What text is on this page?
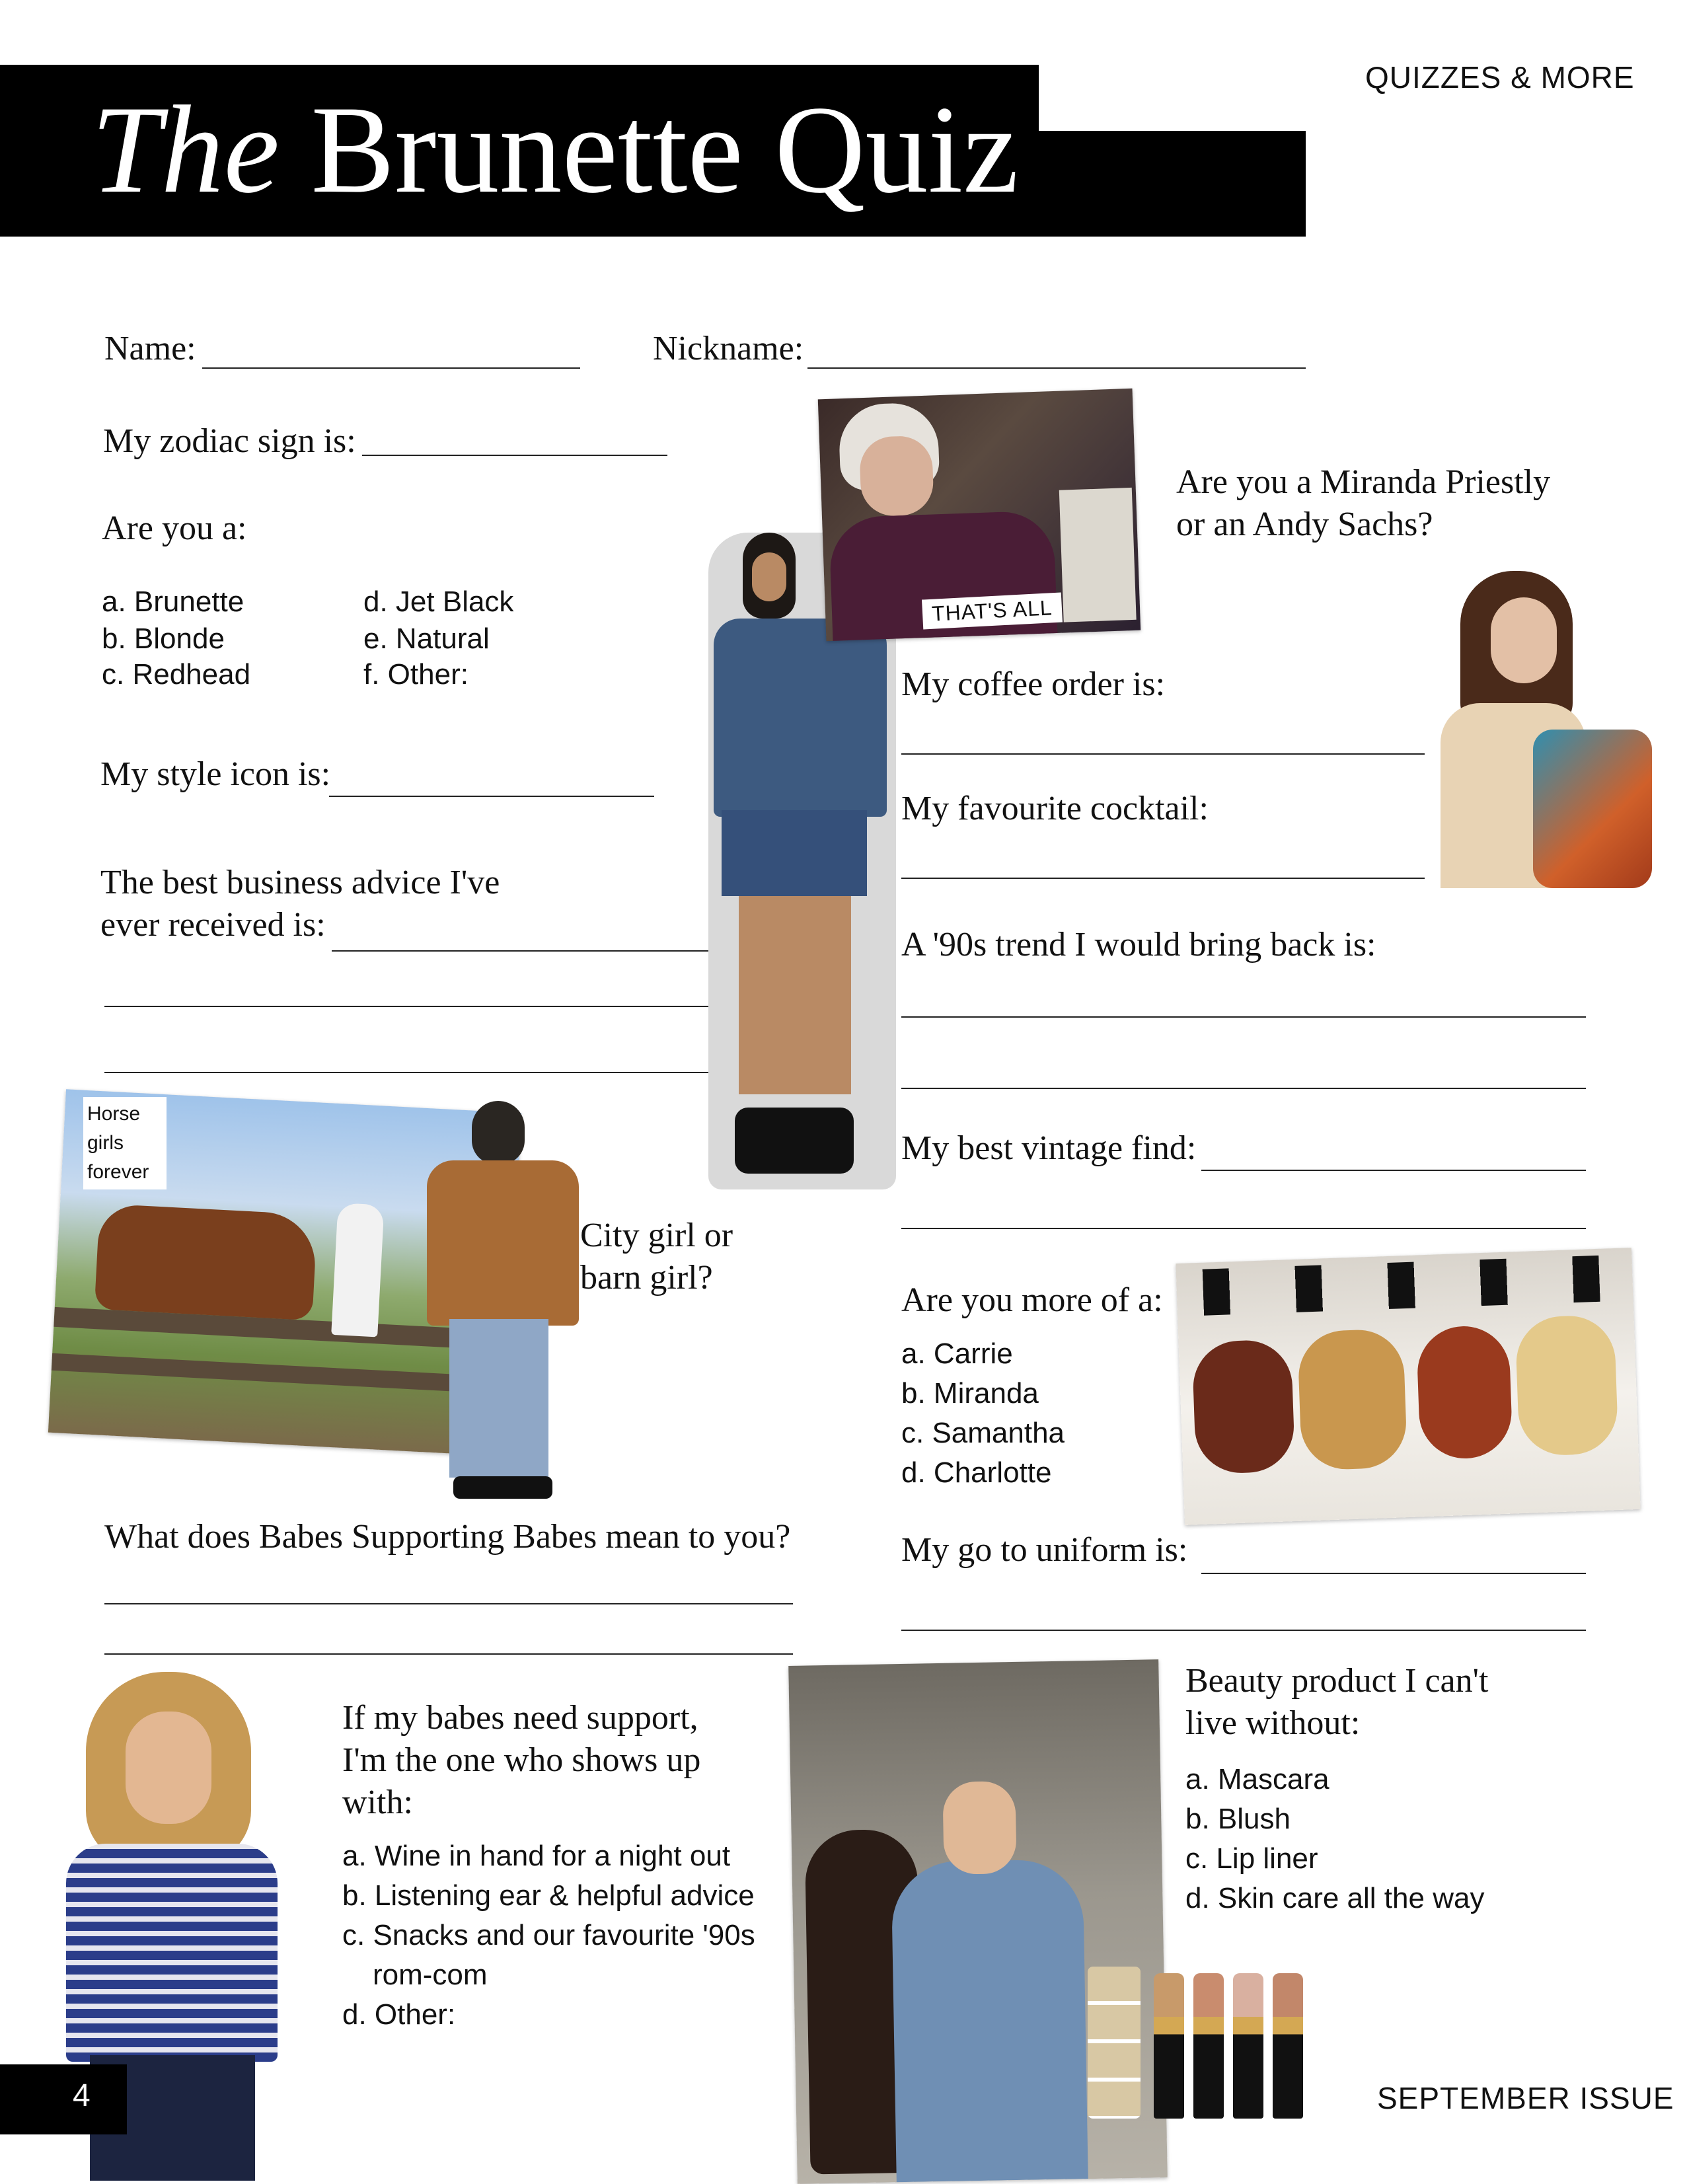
The Brunette Quiz
QUIZZES & MORE
Name:	Nickname:
My zodiac sign is:
Are you a:
a. Brunette
b. Blonde
c. Redhead
d. Jet Black
e. Natural
f. Other:
My style icon is:
The best business advice I've
ever received is:
Horse
girls
forever
City girl or
barn girl?
What does Babes Supporting Babes mean to you?
If my babes need support,
I'm the one who shows up
with:
a. Wine in hand for a night out
b. Listening ear & helpful advice
c. Snacks and our favourite '90s
rom-com
d. Other:
THAT'S ALL
Are you a Miranda Priestly
or an Andy Sachs?
My coffee order is:
My favourite cocktail:
A '90s trend I would bring back is:
My best vintage find:
Are you more of a:
a. Carrie
b. Miranda
c. Samantha
d. Charlotte
My go to uniform is:
Beauty product I can't
live without:
a. Mascara
b. Blush
c. Lip liner
d. Skin care all the way
4	SEPTEMBER ISSUE
